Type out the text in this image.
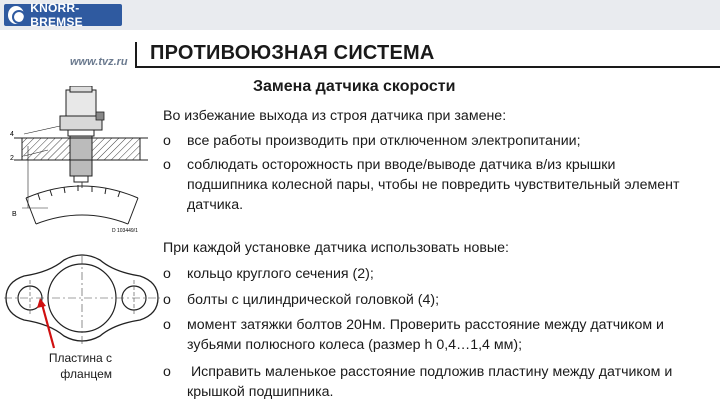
KNORR-BREMSE
www.tvz.ru ПРОТИВОЮЗНАЯ СИСТЕМА
Замена датчика скорости
4
2
B
D 103449/1
Пластина с фланцем
Во избежание выхода из строя датчика при замене:
o	все работы производить при отключенном электропитании;
o	соблюдать осторожность при вводе/выводе датчика в/из крышки подшипника колесной пары, чтобы не повредить чувствительный элемент датчика.
При каждой установке датчика использовать новые:
o	кольцо круглого сечения (2);
o	болты с цилиндрической головкой (4);
o	момент затяжки болтов 20Нм. Проверить расстояние между датчиком и зубьями полюсного колеса (размер h 0,4…1,4 мм);
o	Исправить маленькое расстояние подложив пластину между датчиком и крышкой подшипника.
